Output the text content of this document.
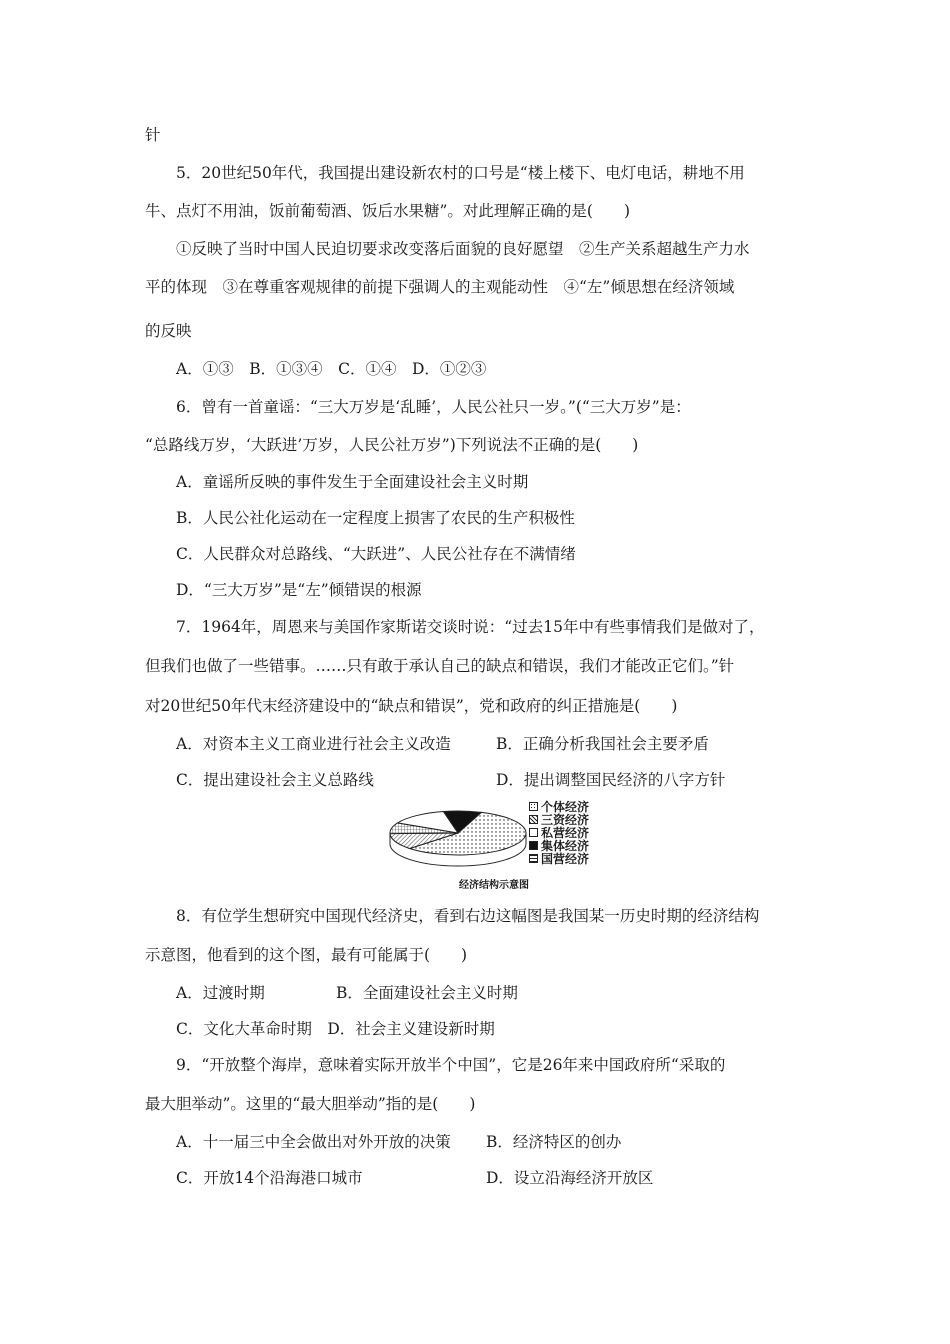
针
5．20世纪50年代，我国提出建设新农村的口号是“楼上楼下、电灯电话，耕地不用
牛、点灯不用油，饭前葡萄酒、饭后水果糖”。对此理解正确的是(　　)
①反映了当时中国人民迫切要求改变落后面貌的良好愿望　②生产关系超越生产力水
平的体现　③在尊重客观规律的前提下强调人的主观能动性　④“左”倾思想在经济领域
的反映
A．①③　B．①③④　C．①④　D．①②③
6．曾有一首童谣：“三大万岁是‘乱睡’，人民公社只一岁。”(“三大万岁”是：
“总路线万岁，‘大跃进’万岁，人民公社万岁”)下列说法不正确的是(　　)
A．童谣所反映的事件发生于全面建设社会主义时期
B．人民公社化运动在一定程度上损害了农民的生产积极性
C．人民群众对总路线、“大跃进”、人民公社存在不满情绪
D．“三大万岁”是“左”倾错误的根源
7．1964年，周恩来与美国作家斯诺交谈时说：“过去15年中有些事情我们是做对了，
但我们也做了一些错事。……只有敢于承认自己的缺点和错误，我们才能改正它们。”针
对20世纪50年代末经济建设中的“缺点和错误”，党和政府的纠正措施是(　　)
A．对资本主义工商业进行社会主义改造	B．正确分析我国社会主要矛盾
C．提出建设社会主义总路线	D．提出调整国民经济的八字方针
个体经济
三资经济
私营经济
集体经济
国营经济
经济结构示意图
8．有位学生想研究中国现代经济史，看到右边这幅图是我国某一历史时期的经济结构
示意图，他看到的这个图，最有可能属于(　　)
A．过渡时期	B．全面建设社会主义时期
C．文化大革命时期　D．社会主义建设新时期
9．“开放整个海岸，意味着实际开放半个中国”，它是26年来中国政府所“采取的
最大胆举动”。这里的“最大胆举动”指的是(　　)
A．十一届三中全会做出对外开放的决策 B．经济特区的创办
C．开放14个沿海港口城市	D．设立沿海经济开放区
